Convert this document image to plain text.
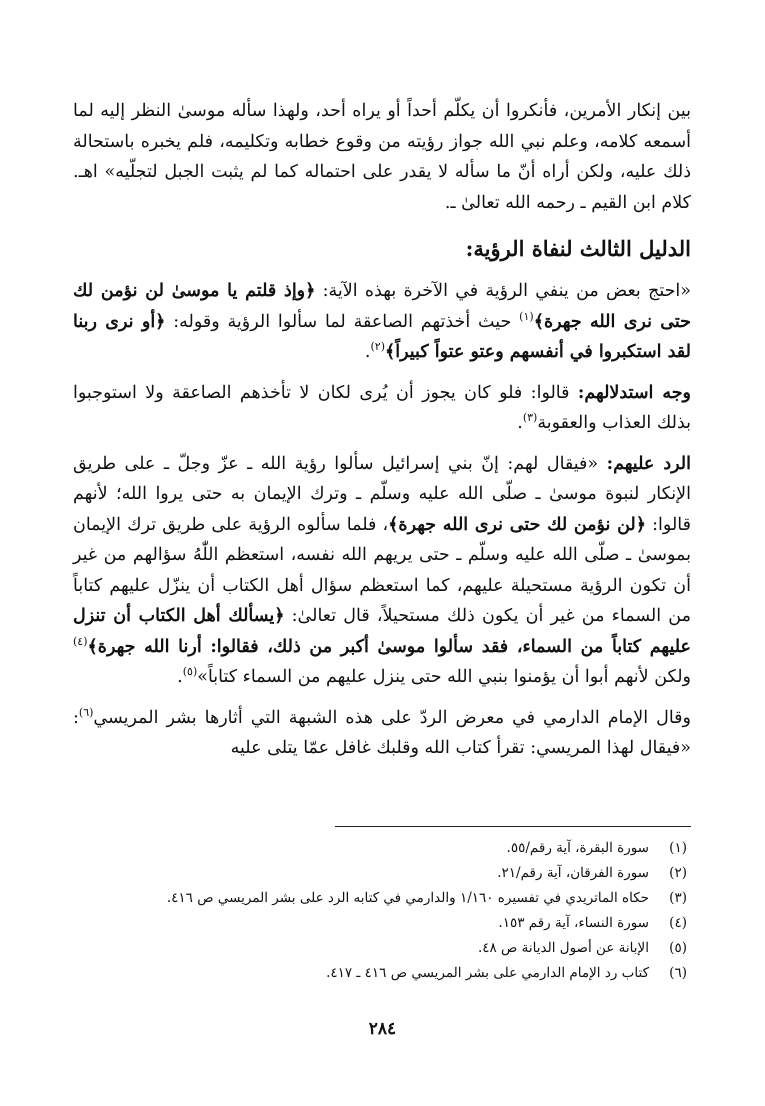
بين إنكار الأمرين، فأنكروا أن يكلّم أحداً أو يراه أحد، ولهذا سأله موسىٰ النظر إليه لما أسمعه كلامه، وعلم نبي الله جواز رؤيته من وقوع خطابه وتكليمه، فلم يخبره باستحالة ذلك عليه، ولكن أراه أنّ ما سأله لا يقدر على احتماله كما لم يثبت الجبل لتجلّيه» اهـ. كلام ابن القيم ـ رحمه الله تعالىٰ ـ.

الدليل الثالث لنفاة الرؤية:

«احتج بعض من ينفي الرؤية في الآخرة بهذه الآية: ﴿وإذ قلتم يا موسىٰ لن نؤمن لك حتى نرى الله جهرة﴾$^{(١)}$ حيث أخذتهم الصاعقة لما سألوا الرؤية وقوله: ﴿أو نرى ربنا لقد استكبروا في أنفسهم وعتو عتواً كبيراً﴾$^{(٢)}$.

وجه استدلالهم: قالوا: فلو كان يجوز أن يُرى لكان لا تأخذهم الصاعقة ولا استوجبوا بذلك العذاب والعقوبة$^{(٣)}$.

الرد عليهم: «فيقال لهم: إنّ بني إسرائيل سألوا رؤية الله ـ عزّ وجلّ ـ على طريق الإنكار لنبوة موسىٰ ـ صلّى الله عليه وسلّم ـ وترك الإيمان به حتى يروا الله؛ لأنهم قالوا: ﴿لن نؤمن لك حتى نرى الله جهرة﴾، فلما سألوه الرؤية على طريق ترك الإيمان بموسىٰ ـ صلّى الله عليه وسلّم ـ حتى يريهم الله نفسه، استعظم اللّٰهُ سؤالهم من غير أن تكون الرؤية مستحيلة عليهم، كما استعظم سؤال أهل الكتاب أن ينزّل عليهم كتاباً من السماء من غير أن يكون ذلك مستحيلاً، قال تعالىٰ: ﴿يسألك أهل الكتاب أن تنزل عليهم كتاباً من السماء، فقد سألوا موسىٰ أكبر من ذلك، فقالوا: أرنا الله جهرة﴾$^{(٤)}$ ولكن لأنهم أبوا أن يؤمنوا بنبي الله حتى ينزل عليهم من السماء كتاباً»$^{(٥)}$.

وقال الإمام الدارمي في معرض الردّ على هذه الشبهة التي أثارها بشر المريسي$^{(٦)}$: «فيقال لهذا المريسي: تقرأ كتاب الله وقلبك غافل عمّا يتلى عليه

(١)
سورة البقرة، آية رقم/٥٥.
(٢)
سورة الفرقان، آية رقم/٢١.
(٣)
حكاه الماتريدي في تفسيره ١/١٦٠ والدارمي في كتابه الرد على بشر المريسي ص ٤١٦.
(٤)
سورة النساء، آية رقم ١٥٣.
(٥)
الإبانة عن أصول الديانة ص ٤٨.
(٦)
كتاب رد الإمام الدارمي على بشر المريسي ص ٤١٦ ـ ٤١٧.
٢٨٤
